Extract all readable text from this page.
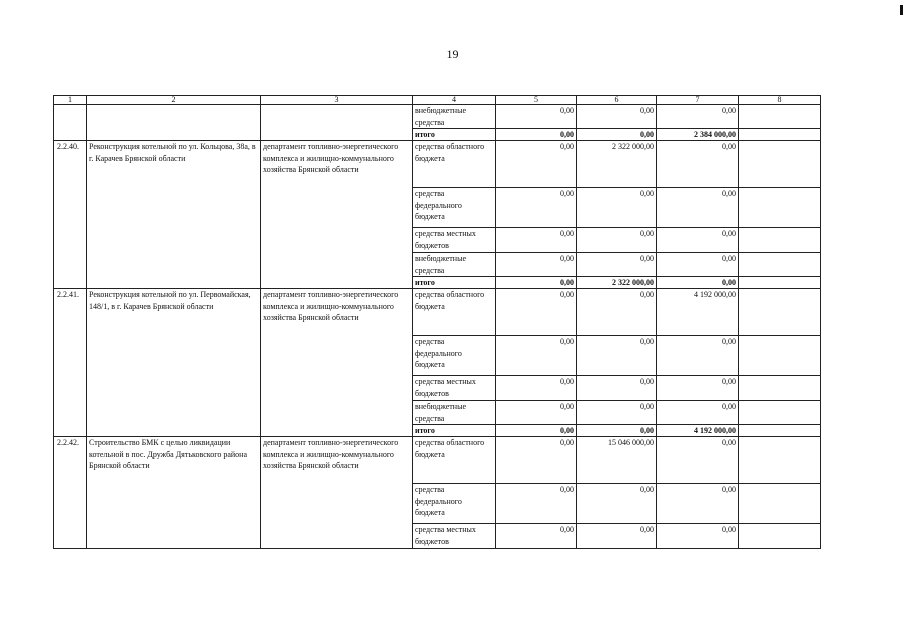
19
1	2	3	4	5	6	7	8
			внебюджетные средства	0,00	0,00	0,00	
			итого	0,00	0,00	2 384 000,00	
2.2.40.	Реконструкция котельной по ул. Кольцова, 38а, в г. Карачев Брянской области	департамент топливно-энергетического комплекса и жилищно-коммунального хозяйства Брянской области	средства областного бюджета	0,00	2 322 000,00	0,00	
			средства федерального бюджета	0,00	0,00	0,00	
			средства местных бюджетов	0,00	0,00	0,00	
			внебюджетные средства	0,00	0,00	0,00	
			итого	0,00	2 322 000,00	0,00	
2.2.41.	Реконструкция котельной по ул. Первомайская, 148/1, в г. Карачев Брянской области	департамент топливно-энергетического комплекса и жилищно-коммунального хозяйства Брянской области	средства областного бюджета	0,00	0,00	4 192 000,00	
			средства федерального бюджета	0,00	0,00	0,00	
			средства местных бюджетов	0,00	0,00	0,00	
			внебюджетные средства	0,00	0,00	0,00	
			итого	0,00	0,00	4 192 000,00	
2.2.42.	Строительство БМК с целью ликвидации котельной в пос. Дружба Дятьковского района Брянской области	департамент топливно-энергетического комплекса и жилищно-коммунального хозяйства Брянской области	средства областного бюджета	0,00	15 046 000,00	0,00	
			средства федерального бюджета	0,00	0,00	0,00	
			средства местных бюджетов	0,00	0,00	0,00	
